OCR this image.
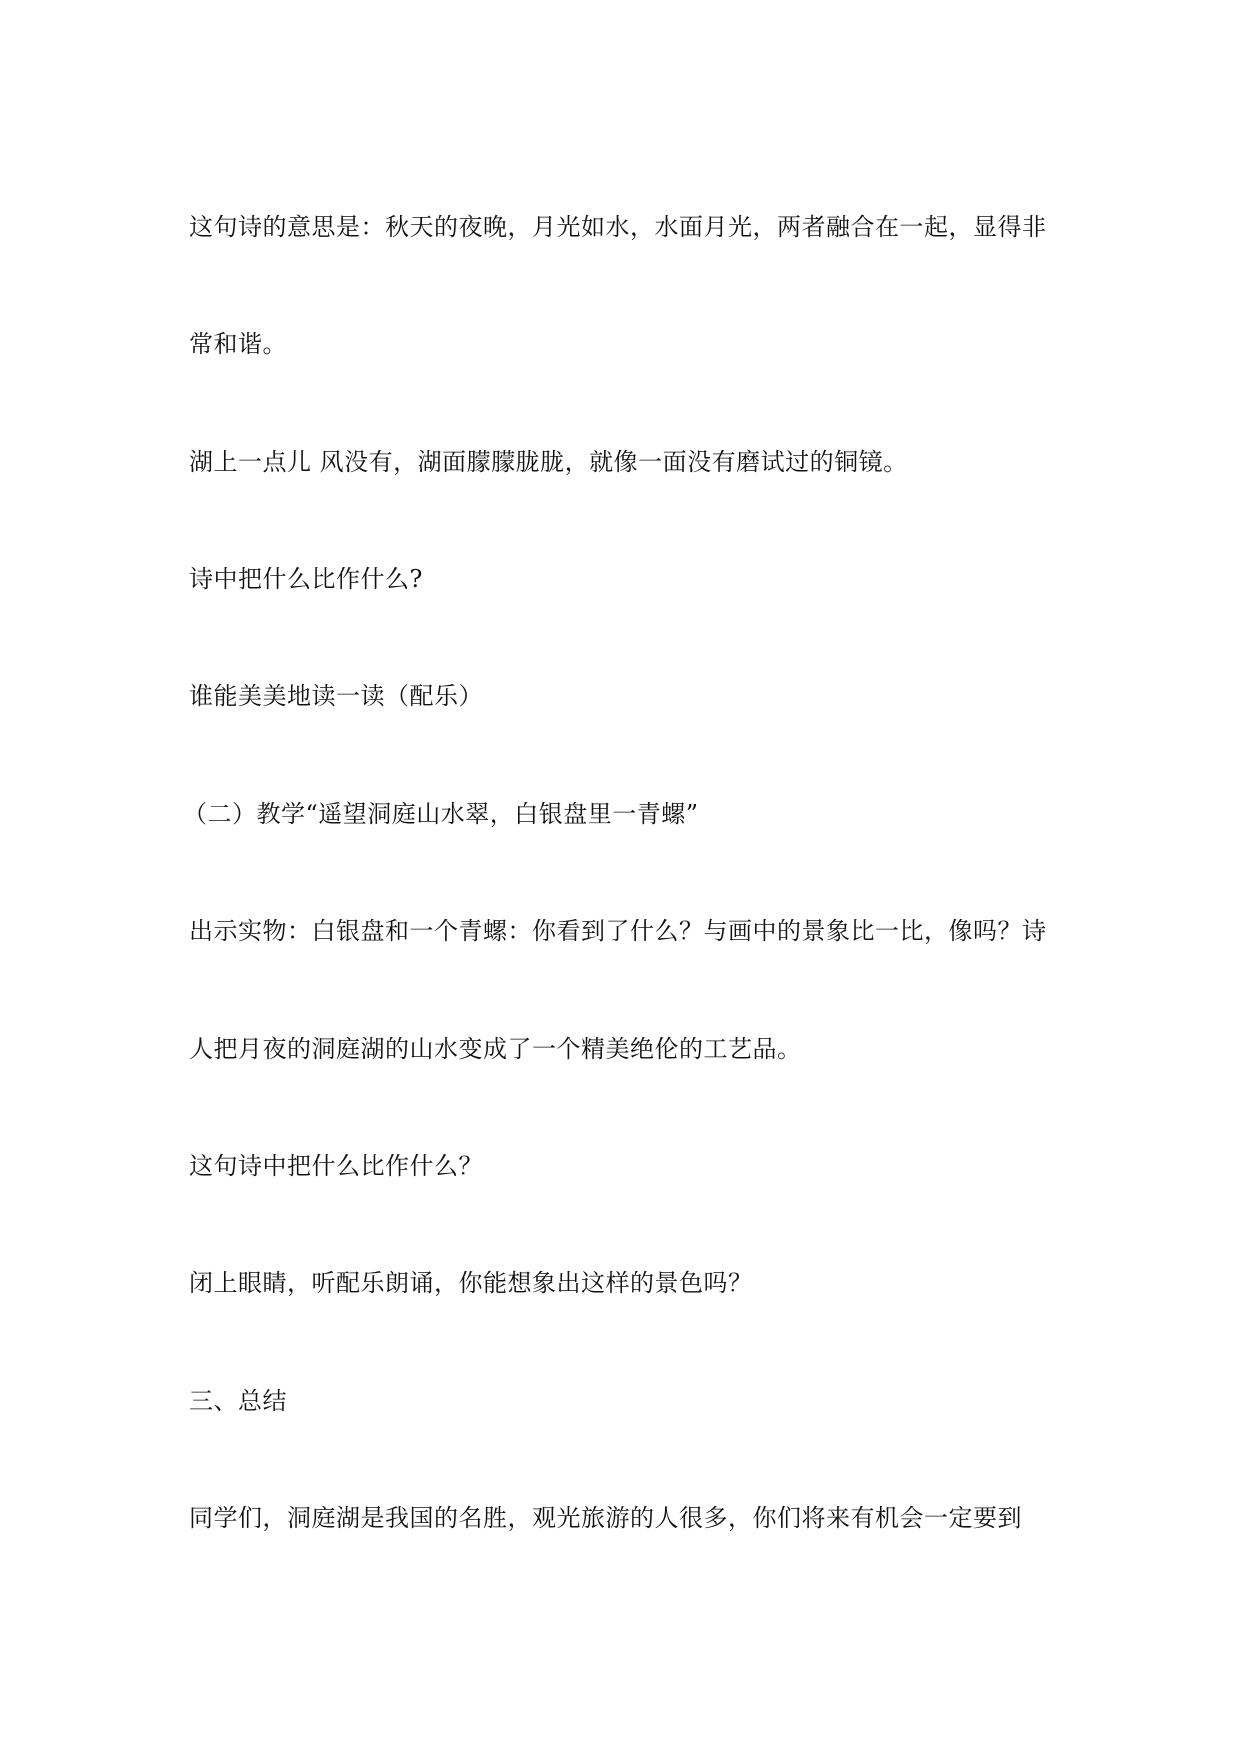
这句诗的意思是：秋天的夜晚，月光如水，水面月光，两者融合在一起，显得非
常和谐。
湖上一点儿 风没有，湖面朦朦胧胧，就像一面没有磨试过的铜镜。
诗中把什么比作什么?
谁能美美地读一读（配乐）
（二）教学“遥望洞庭山水翠，白银盘里一青螺”
出示实物：白银盘和一个青螺：你看到了什么？与画中的景象比一比，像吗？诗
人把月夜的洞庭湖的山水变成了一个精美绝伦的工艺品。
这句诗中把什么比作什么？
闭上眼睛，听配乐朗诵，你能想象出这样的景色吗？
三、总结
同学们，洞庭湖是我国的名胜，观光旅游的人很多，你们将来有机会一定要到
